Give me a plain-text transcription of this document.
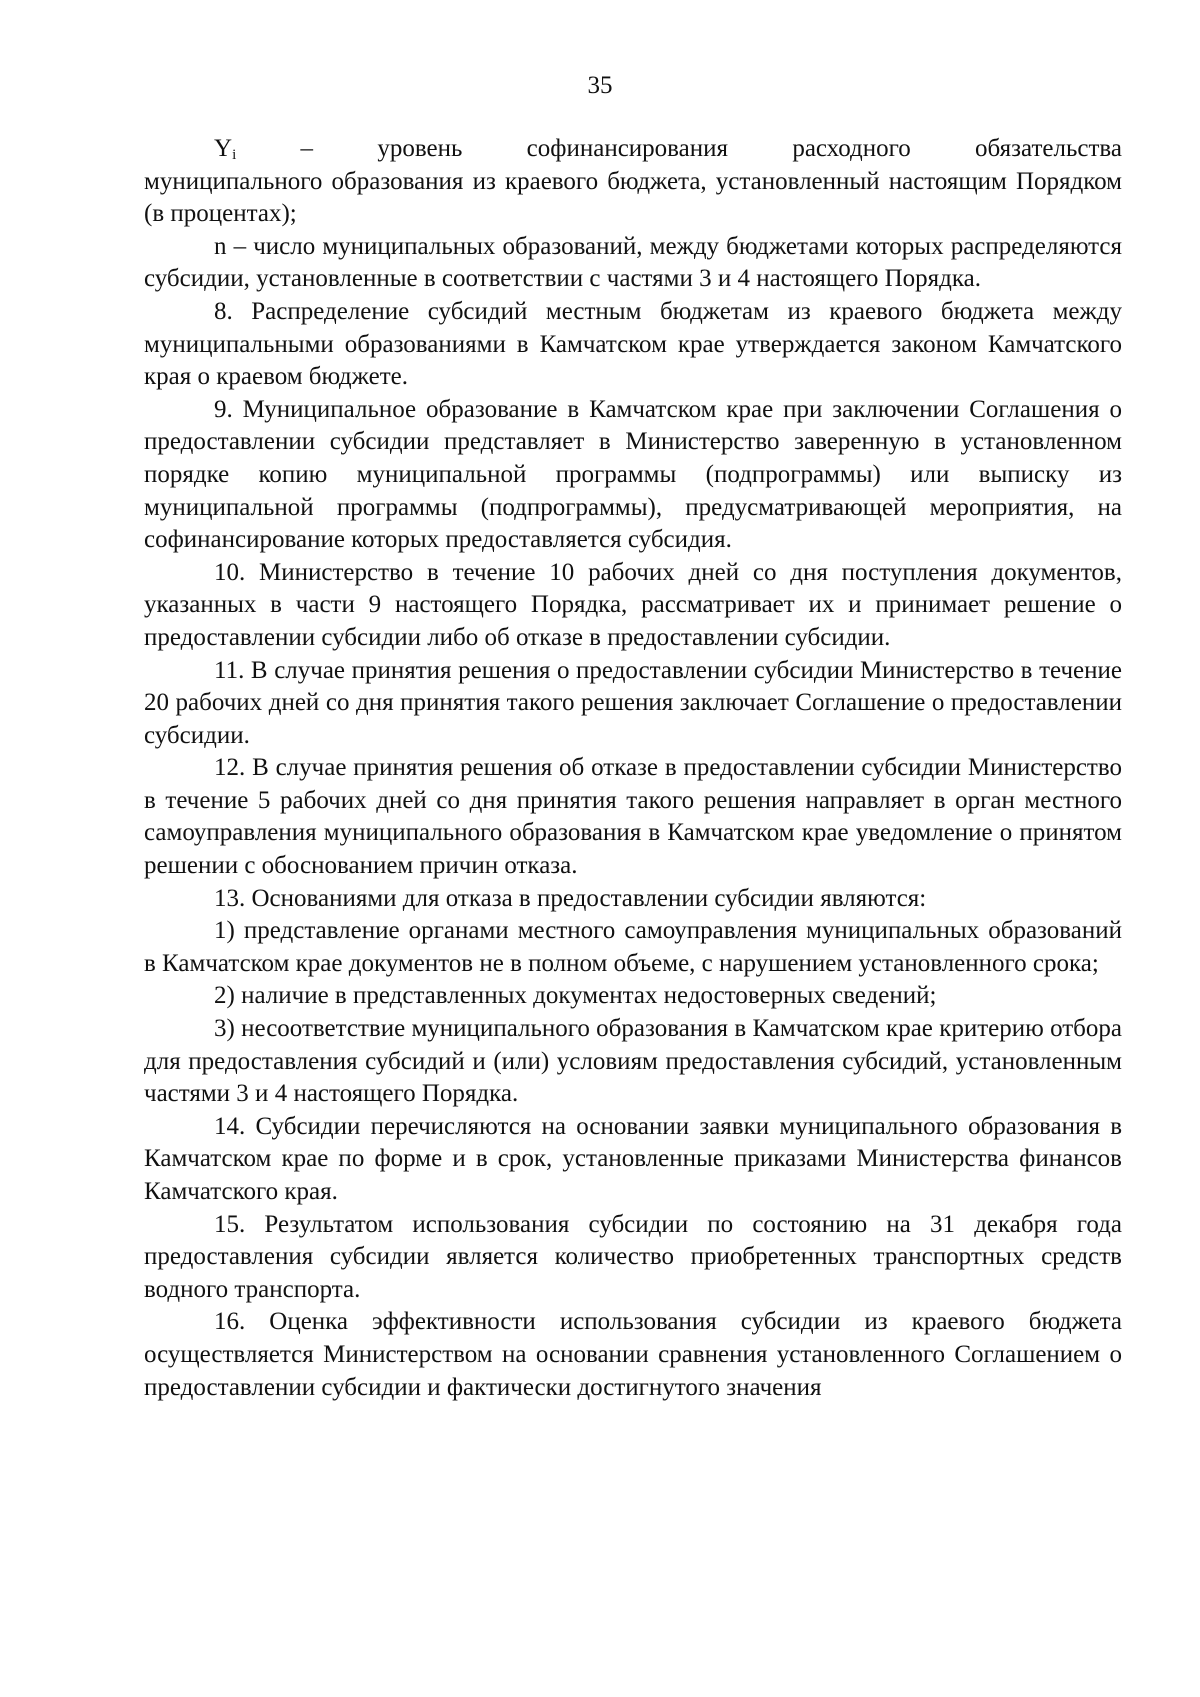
35
$Y_i$	–	уровень	софинансирования	расходного	обязательства

муниципального образования из краевого бюджета, установленный настоящим Порядком (в процентах);

n – число муниципальных образований, между бюджетами которых распределяются субсидии, установленные в соответствии с частями 3 и 4 настоящего Порядка.

8. Распределение субсидий местным бюджетам из краевого бюджета между муниципальными образованиями в Камчатском крае утверждается законом Камчатского края о краевом бюджете.

9. Муниципальное образование в Камчатском крае при заключении Соглашения о предоставлении субсидии представляет в Министерство заверенную в установленном порядке копию муниципальной программы (подпрограммы) или выписку из муниципальной программы (подпрограммы), предусматривающей мероприятия, на софинансирование которых предоставляется субсидия.

10. Министерство в течение 10 рабочих дней со дня поступления документов, указанных в части 9 настоящего Порядка, рассматривает их и принимает решение о предоставлении субсидии либо об отказе в предоставлении субсидии.

11. В случае принятия решения о предоставлении субсидии Министерство в течение 20 рабочих дней со дня принятия такого решения заключает Соглашение о предоставлении субсидии.

12. В случае принятия решения об отказе в предоставлении субсидии Министерство в течение 5 рабочих дней со дня принятия такого решения направляет в орган местного самоуправления муниципального образования в Камчатском крае уведомление о принятом решении с обоснованием причин отказа.

13. Основаниями для отказа в предоставлении субсидии являются:

1) представление органами местного самоуправления муниципальных образований в Камчатском крае документов не в полном объеме, с нарушением установленного срока;

2) наличие в представленных документах недостоверных сведений;

3) несоответствие муниципального образования в Камчатском крае критерию отбора для предоставления субсидий и (или) условиям предоставления субсидий, установленным частями 3 и 4 настоящего Порядка.

14. Субсидии перечисляются на основании заявки муниципального образования в Камчатском крае по форме и в срок, установленные приказами Министерства финансов Камчатского края.

15. Результатом использования субсидии по состоянию на 31 декабря года предоставления субсидии является количество приобретенных транспортных средств водного транспорта.

16. Оценка эффективности использования субсидии из краевого бюджета осуществляется Министерством на основании сравнения установленного Соглашением о предоставлении субсидии и фактически достигнутого значения
